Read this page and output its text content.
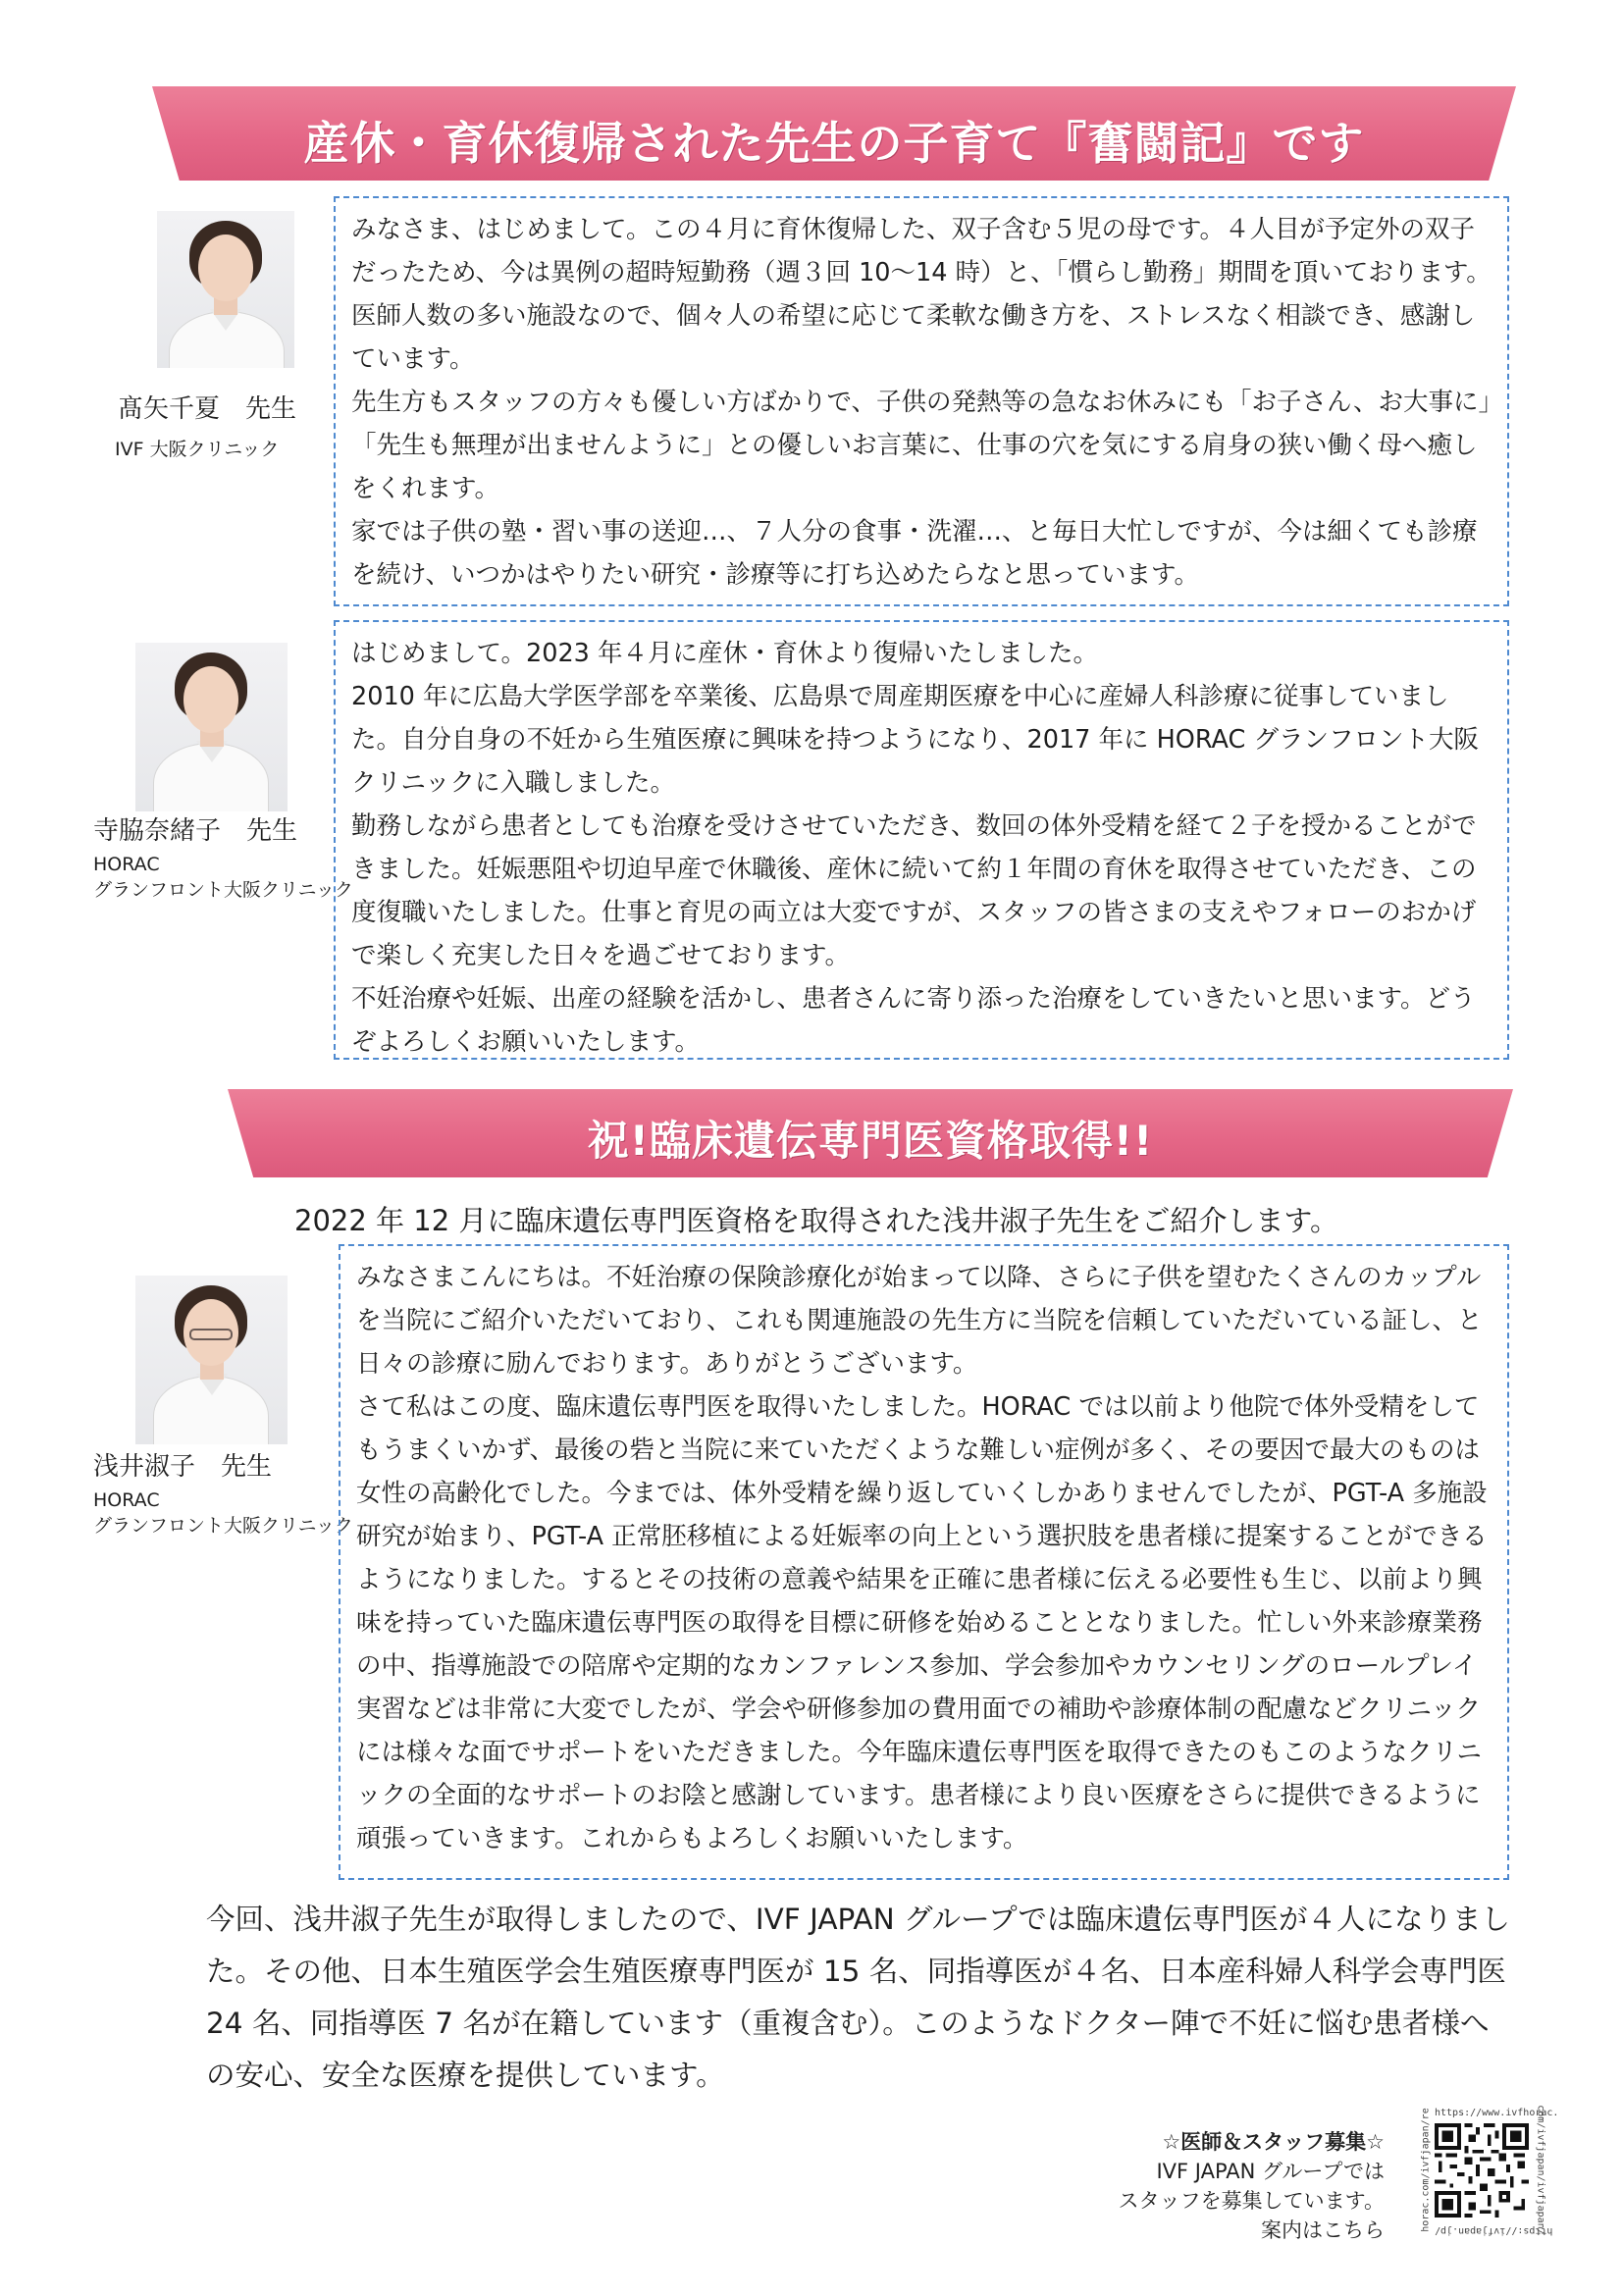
産休・育休復帰された先生の子育て『奮闘記』です
髙矢千夏　先生
IVF 大阪クリニック

みなさま、はじめまして。この４月に育休復帰した、双子含む５児の母です。４人目が予定外の双子だったため、今は異例の超時短勤務（週３回 10〜14 時）と、「慣らし勤務」期間を頂いております。

医師人数の多い施設なので、個々人の希望に応じて柔軟な働き方を、ストレスなく相談でき、感謝しています。

先生方もスタッフの方々も優しい方ばかりで、子供の発熱等の急なお休みにも「お子さん、お大事に」「先生も無理が出ませんように」との優しいお言葉に、仕事の穴を気にする肩身の狭い働く母へ癒しをくれます。

家では子供の塾・習い事の送迎…、７人分の食事・洗濯…、と毎日大忙しですが、今は細くても診療を続け、いつかはやりたい研究・診療等に打ち込めたらなと思っています。

寺脇奈緒子　先生
HORAC
グランフロント大阪クリニック

はじめまして。2023 年４月に産休・育休より復帰いたしました。

2010 年に広島大学医学部を卒業後、広島県で周産期医療を中心に産婦人科診療に従事していました。自分自身の不妊から生殖医療に興味を持つようになり、2017 年に HORAC グランフロント大阪クリニックに入職しました。

勤務しながら患者としても治療を受けさせていただき、数回の体外受精を経て２子を授かることができました。妊娠悪阻や切迫早産で休職後、産休に続いて約１年間の育休を取得させていただき、この度復職いたしました。仕事と育児の両立は大変ですが、スタッフの皆さまの支えやフォローのおかげで楽しく充実した日々を過ごせております。

不妊治療や妊娠、出産の経験を活かし、患者さんに寄り添った治療をしていきたいと思います。どうぞよろしくお願いいたします。

祝!臨床遺伝専門医資格取得!!
2022 年 12 月に臨床遺伝専門医資格を取得された浅井淑子先生をご紹介します。
浅井淑子　先生
HORAC
グランフロント大阪クリニック

みなさまこんにちは。不妊治療の保険診療化が始まって以降、さらに子供を望むたくさんのカップルを当院にご紹介いただいており、これも関連施設の先生方に当院を信頼していただいている証し、と日々の診療に励んでおります。ありがとうございます。

さて私はこの度、臨床遺伝専門医を取得いたしました。HORAC では以前より他院で体外受精をしてもうまくいかず、最後の砦と当院に来ていただくような難しい症例が多く、その要因で最大のものは女性の高齢化でした。今までは、体外受精を繰り返していくしかありませんでしたが、PGT-A 多施設研究が始まり、PGT-A 正常胚移植による妊娠率の向上という選択肢を患者様に提案することができるようになりました。するとその技術の意義や結果を正確に患者様に伝える必要性も生じ、以前より興味を持っていた臨床遺伝専門医の取得を目標に研修を始めることとなりました。忙しい外来診療業務の中、指導施設での陪席や定期的なカンファレンス参加、学会参加やカウンセリングのロールプレイ実習などは非常に大変でしたが、学会や研修参加の費用面での補助や診療体制の配慮などクリニックには様々な面でサポートをいただきました。今年臨床遺伝専門医を取得できたのもこのようなクリニックの全面的なサポートのお陰と感謝しています。患者様により良い医療をさらに提供できるように頑張っていきます。これからもよろしくお願いいたします。

今回、浅井淑子先生が取得しましたので、IVF JAPAN グループでは臨床遺伝専門医が４人になりました。その他、日本生殖医学会生殖医療専門医が 15 名、同指導医が４名、日本産科婦人科学会専門医 24 名、同指導医 7 名が在籍しています（重複含む）。このようなドクター陣で不妊に悩む患者様への安心、安全な医療を提供しています。

☆医師＆スタッフ募集☆
IVF JAPAN グループでは
スタッフを募集しています。
案内はこちら
https://www.ivfhorac.
https://ivfjapan.jp/
horac.com/ivfjapan/re	com/ivfjapan/ivfjapan/
